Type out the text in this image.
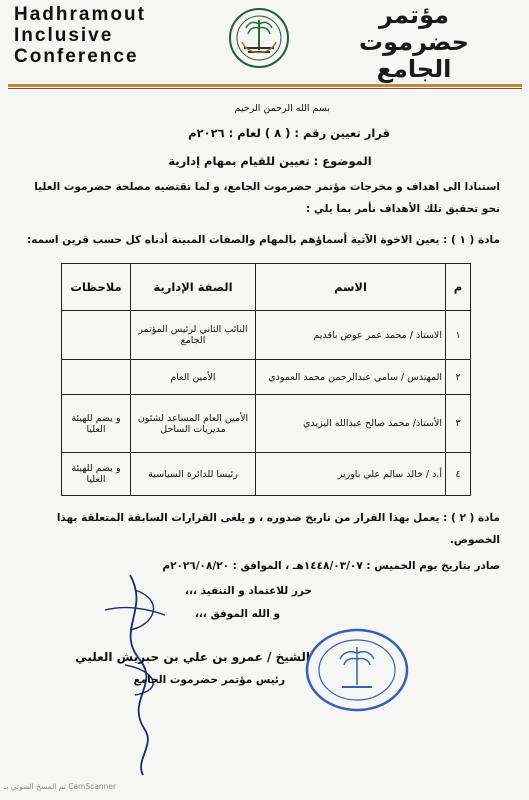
Hadhramout
Inclusive
Conference
مؤتمر
حضرموت
الجامع
بسم الله الرحمن الرحيم
قرار تعيين رقم : ( ٨ ) لعام : ٢٠٢٦م
الموضوع : تعيين للقيام بمهام إدارية
استنادا الى اهداف و مخرجات مؤتمر حضرموت الجامع، و لما تقتضيه مصلحة حضرموت العليا
نحو تحقيق تلك الأهداف نأمر بما يلي :
مادة ( ١ ) : يعين الاخوة الآتية أسماؤهم بالمهام والصفات المبينة أدناه كل حسب قرين اسمه:
م	الاسم	الصفة الإدارية	ملاحظات
١	الاستاذ / محمد عمر عوض باقديم	النائب الثاني لرئيس المؤتمر الجامع	
٢	المهندس / سامي عبدالرحمن محمد العمودي	الأمين العام	
٣	الأستاذ/ محمد صالح عبدالله اليزيدي	الأمين العام المساعد لشئون مديريات الساحل	و يضم للهيئة العليا
٤	أ.د / خالد سالم علي باوزير	رئيسا للدائرة السياسية	و يضم للهيئة العليا
مادة ( ٢ ) : يعمل بهذا القرار من تاريخ صدوره ، و يلغى القرارات السابقة المتعلقة بهذا
الخصوص.
صادر بتاريخ يوم الخميس : ١٤٤٨/٠٣/٠٧هـ ، الموافق : ٢٠٢٦/٠٨/٢٠م
حرر للاعتماد و التنفيذ ،،،
و الله الموفق ،،،
الشيخ / عمرو بن علي بن حبريش العليي
رئيس مؤتمر حضرموت الجامع
تم المسح الضوئي بـ CamScanner
